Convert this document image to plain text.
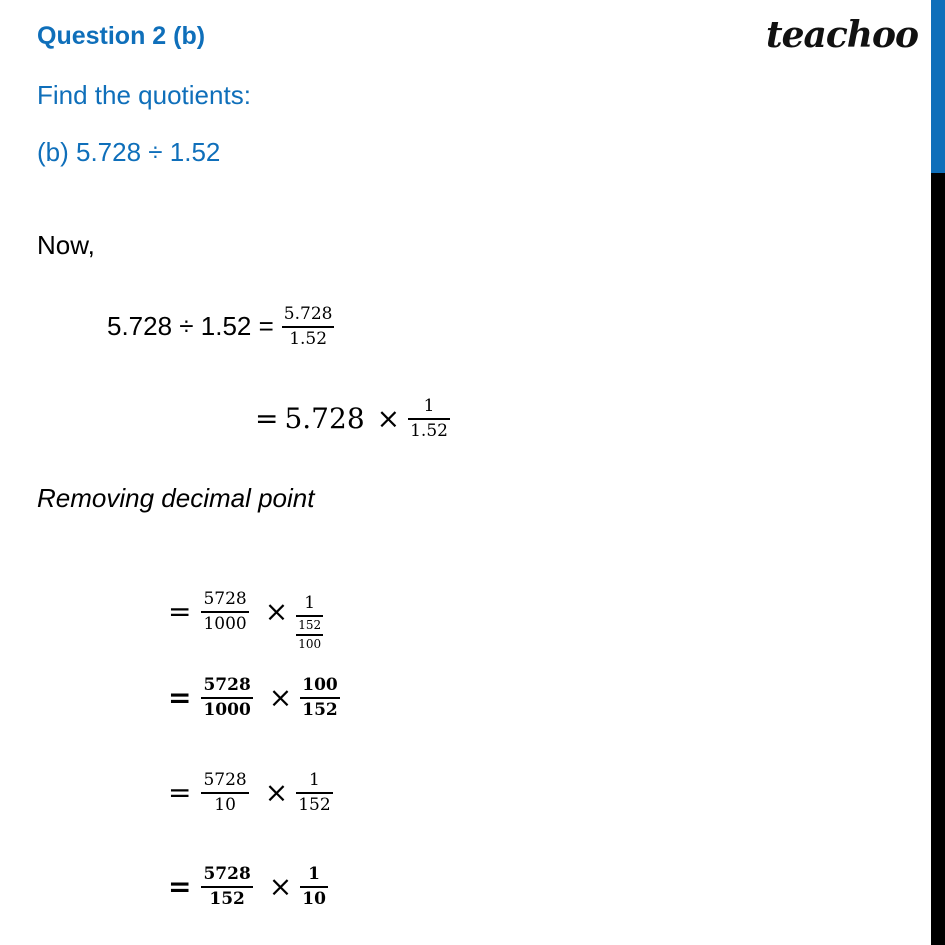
Question 2 (b)
Find the quotients:
(b) 5.728 ÷ 1.52
teachoo
Now,
$5.728 \div 1.52 = \frac{5.728}{1.52}$
= $5.728 \times \frac{1}{1.52}$
Removing decimal point
= $\frac{5728}{1000} \times \frac{1}{\frac{152}{100}}$
= $\frac{5728}{1000} \times \frac{100}{152}$
= $\frac{5728}{10} \times \frac{1}{152}$
= $\frac{5728}{152} \times \frac{1}{10}$
